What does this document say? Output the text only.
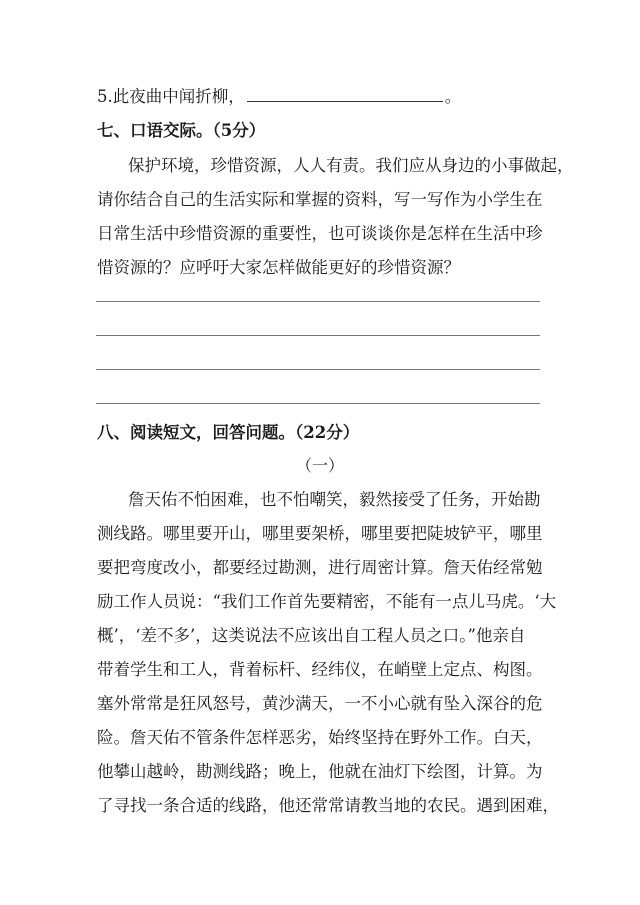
5.此夜曲中闻折柳，	。
七、口语交际。（5分）
保护环境，珍惜资源，人人有责。我们应从身边的小事做起，
请你结合自己的生活实际和掌握的资料，写一写作为小学生在
日常生活中珍惜资源的重要性，也可谈谈你是怎样在生活中珍
惜资源的？应呼吁大家怎样做能更好的珍惜资源？
八、阅读短文，回答问题。（22分）
（一）
詹天佑不怕困难，也不怕嘲笑，毅然接受了任务，开始勘
测线路。哪里要开山，哪里要架桥，哪里要把陡坡铲平，哪里
要把弯度改小，都要经过勘测，进行周密计算。詹天佑经常勉
励工作人员说：“我们工作首先要精密，不能有一点儿马虎。‘大
概’，‘差不多’，这类说法不应该出自工程人员之口。”他亲自
带着学生和工人，背着标杆、经纬仪，在峭壁上定点、构图。
塞外常常是狂风怒号，黄沙满天，一不小心就有坠入深谷的危
险。詹天佑不管条件怎样恶劣，始终坚持在野外工作。白天，
他攀山越岭，勘测线路；晚上，他就在油灯下绘图，计算。为
了寻找一条合适的线路，他还常常请教当地的农民。遇到困难，
